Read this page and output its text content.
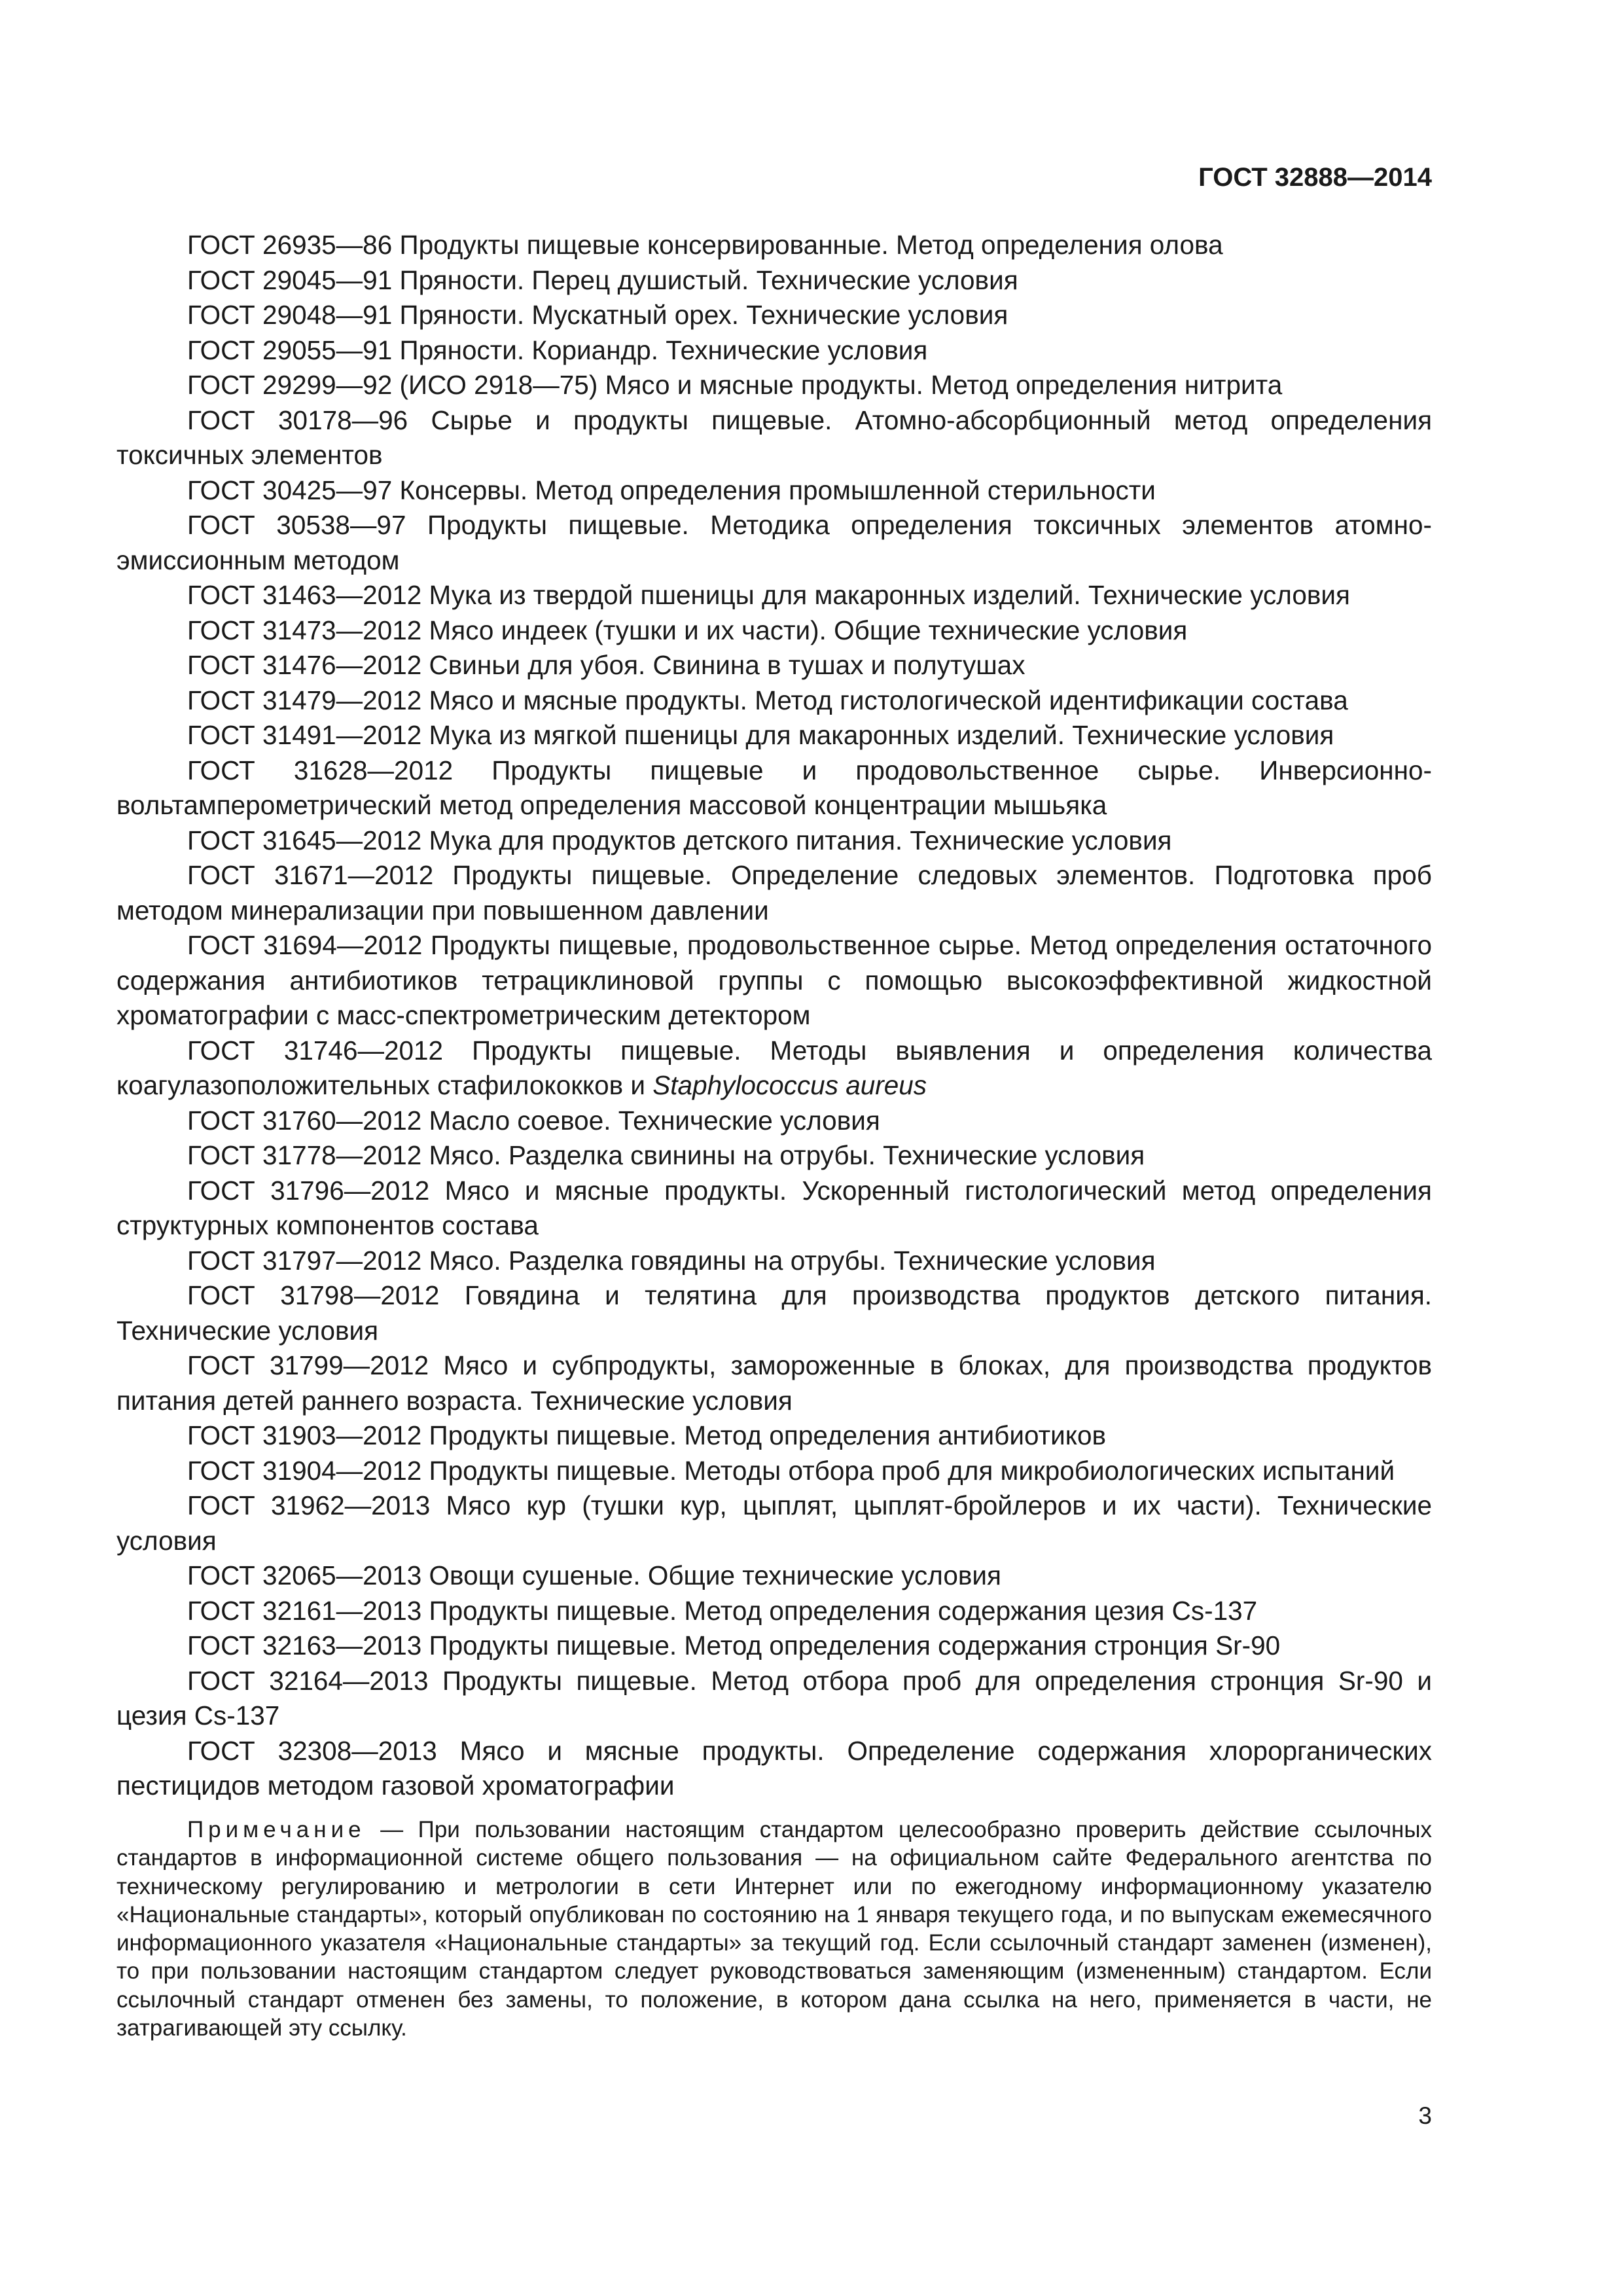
ГОСТ 32888—2014

ГОСТ 26935—86 Продукты пищевые консервированные. Метод определения олова

ГОСТ 29045—91 Пряности. Перец душистый. Технические условия

ГОСТ 29048—91 Пряности. Мускатный орех. Технические условия

ГОСТ 29055—91 Пряности. Кориандр. Технические условия

ГОСТ 29299—92 (ИСО 2918—75) Мясо и мясные продукты. Метод определения нитрита

ГОСТ 30178—96 Сырье и продукты пищевые. Атомно-абсорбционный метод определения токсичных элементов

ГОСТ 30425—97 Консервы. Метод определения промышленной стерильности

ГОСТ 30538—97 Продукты пищевые. Методика определения токсичных элементов атомно-эмиссионным методом

ГОСТ 31463—2012 Мука из твердой пшеницы для макаронных изделий. Технические условия

ГОСТ 31473—2012 Мясо индеек (тушки и их части). Общие технические условия

ГОСТ 31476—2012 Свиньи для убоя. Свинина в тушах и полутушах

ГОСТ 31479—2012 Мясо и мясные продукты. Метод гистологической идентификации состава

ГОСТ 31491—2012 Мука из мягкой пшеницы для макаронных изделий. Технические условия

ГОСТ 31628—2012 Продукты пищевые и продовольственное сырье. Инверсионно-вольтамперометрический метод определения массовой концентрации мышьяка

ГОСТ 31645—2012 Мука для продуктов детского питания. Технические условия

ГОСТ 31671—2012 Продукты пищевые. Определение следовых элементов. Подготовка проб методом минерализации при повышенном давлении

ГОСТ 31694—2012 Продукты пищевые, продовольственное сырье. Метод определения остаточного содержания антибиотиков тетрациклиновой группы с помощью высокоэффективной жидкостной хроматографии с масс-спектрометрическим детектором

ГОСТ 31746—2012 Продукты пищевые. Методы выявления и определения количества коагулазоположительных стафилококков и Staphylococcus aureus

ГОСТ 31760—2012 Масло соевое. Технические условия

ГОСТ 31778—2012 Мясо. Разделка свинины на отрубы. Технические условия

ГОСТ 31796—2012 Мясо и мясные продукты. Ускоренный гистологический метод определения структурных компонентов состава

ГОСТ 31797—2012 Мясо. Разделка говядины на отрубы. Технические условия

ГОСТ 31798—2012 Говядина и телятина для производства продуктов детского питания. Технические условия

ГОСТ 31799—2012 Мясо и субпродукты, замороженные в блоках, для производства продуктов питания детей раннего возраста. Технические условия

ГОСТ 31903—2012 Продукты пищевые. Метод определения антибиотиков

ГОСТ 31904—2012 Продукты пищевые. Методы отбора проб для микробиологических испытаний

ГОСТ 31962—2013 Мясо кур (тушки кур, цыплят, цыплят-бройлеров и их части). Технические условия

ГОСТ 32065—2013 Овощи сушеные. Общие технические условия

ГОСТ 32161—2013 Продукты пищевые. Метод определения содержания цезия Cs-137

ГОСТ 32163—2013 Продукты пищевые. Метод определения содержания стронция Sr-90

ГОСТ 32164—2013 Продукты пищевые. Метод отбора проб для определения стронция Sr-90 и цезия Cs-137

ГОСТ 32308—2013 Мясо и мясные продукты. Определение содержания хлорорганических пестицидов методом газовой хроматографии

Примечание — При пользовании настоящим стандартом целесообразно проверить действие ссылочных стандартов в информационной системе общего пользования — на официальном сайте Федерального агентства по техническому регулированию и метрологии в сети Интернет или по ежегодному информационному указателю «Национальные стандарты», который опубликован по состоянию на 1 января текущего года, и по выпускам ежемесячного информационного указателя «Национальные стандарты» за текущий год. Если ссылочный стандарт заменен (изменен), то при пользовании настоящим стандартом следует руководствоваться заменяющим (измененным) стандартом. Если ссылочный стандарт отменен без замены, то положение, в котором дана ссылка на него, применяется в части, не затрагивающей эту ссылку.

3
